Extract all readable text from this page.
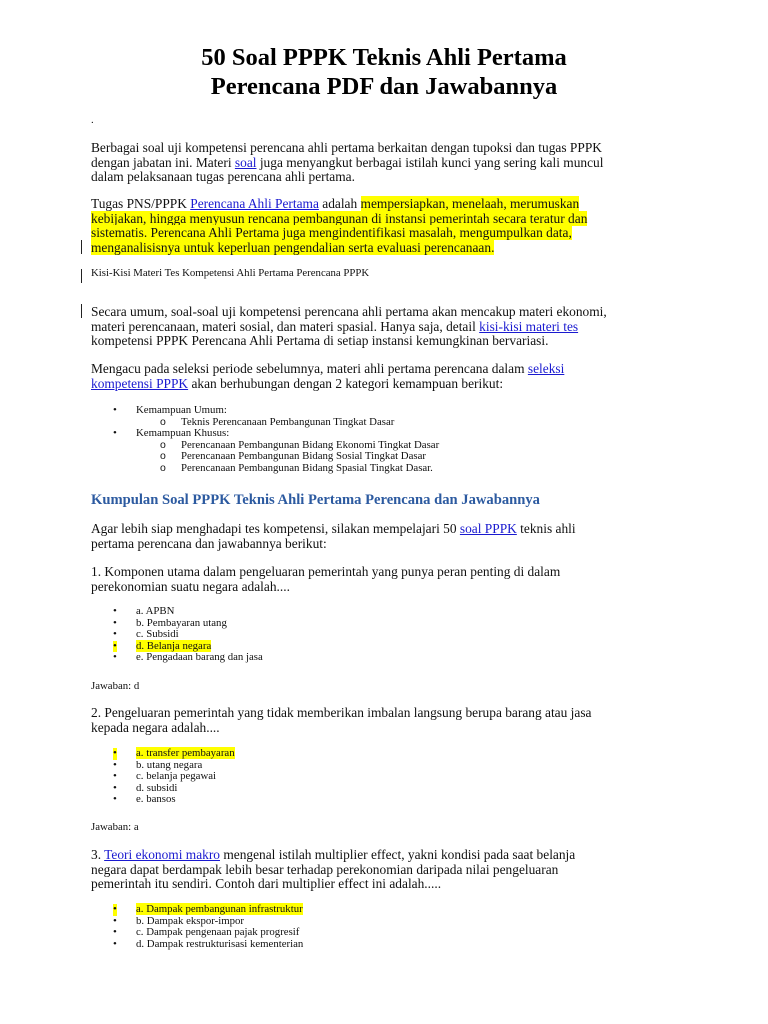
50 Soal PPPK Teknis Ahli Pertama
Perencana PDF dan Jawabannya
.

Berbagai soal uji kompetensi perencana ahli pertama berkaitan dengan tupoksi dan tugas PPPK
dengan jabatan ini. Materi soal juga menyangkut berbagai istilah kunci yang sering kali muncul
dalam pelaksanaan tugas perencana ahli pertama.

Tugas PNS/PPPK Perencana Ahli Pertama adalah mempersiapkan, menelaah, merumuskan
kebijakan, hingga menyusun rencana pembangunan di instansi pemerintah secara teratur dan
sistematis. Perencana Ahli Pertama juga mengindentifikasi masalah, mengumpulkan data,
menganalisisnya untuk keperluan pengendalian serta evaluasi perencanaan.

Kisi-Kisi Materi Tes Kompetensi Ahli Pertama Perencana PPPK

Secara umum, soal-soal uji kompetensi perencana ahli pertama akan mencakup materi ekonomi,
materi perencanaan, materi sosial, dan materi spasial. Hanya saja, detail kisi-kisi materi tes
kompetensi PPPK Perencana Ahli Pertama di setiap instansi kemungkinan bervariasi.

Mengacu pada seleksi periode sebelumnya, materi ahli pertama perencana dalam seleksi
kompetensi PPPK akan berhubungan dengan 2 kategori kemampuan berikut:

• Kemampuan Umum:
o Teknis Perencanaan Pembangunan Tingkat Dasar
• Kemampuan Khusus:
o Perencanaan Pembangunan Bidang Ekonomi Tingkat Dasar
o Perencanaan Pembangunan Bidang Sosial Tingkat Dasar
o Perencanaan Pembangunan Bidang Spasial Tingkat Dasar.
Kumpulan Soal PPPK Teknis Ahli Pertama Perencana dan Jawabannya

Agar lebih siap menghadapi tes kompetensi, silakan mempelajari 50 soal PPPK teknis ahli
pertama perencana dan jawabannya berikut:

1. Komponen utama dalam pengeluaran pemerintah yang punya peran penting di dalam
perekonomian suatu negara adalah....

• a. APBN
• b. Pembayaran utang
• c. Subsidi
• d. Belanja negara
• e. Pengadaan barang dan jasa
Jawaban: d

2. Pengeluaran pemerintah yang tidak memberikan imbalan langsung berupa barang atau jasa
kepada negara adalah....

• a. transfer pembayaran
• b. utang negara
• c. belanja pegawai
• d. subsidi
• e. bansos
Jawaban: a

3. Teori ekonomi makro mengenal istilah multiplier effect, yakni kondisi pada saat belanja
negara dapat berdampak lebih besar terhadap perekonomian daripada nilai pengeluaran
pemerintah itu sendiri. Contoh dari multiplier effect ini adalah.....

• a. Dampak pembangunan infrastruktur
• b. Dampak ekspor-impor
• c. Dampak pengenaan pajak progresif
• d. Dampak restrukturisasi kementerian
